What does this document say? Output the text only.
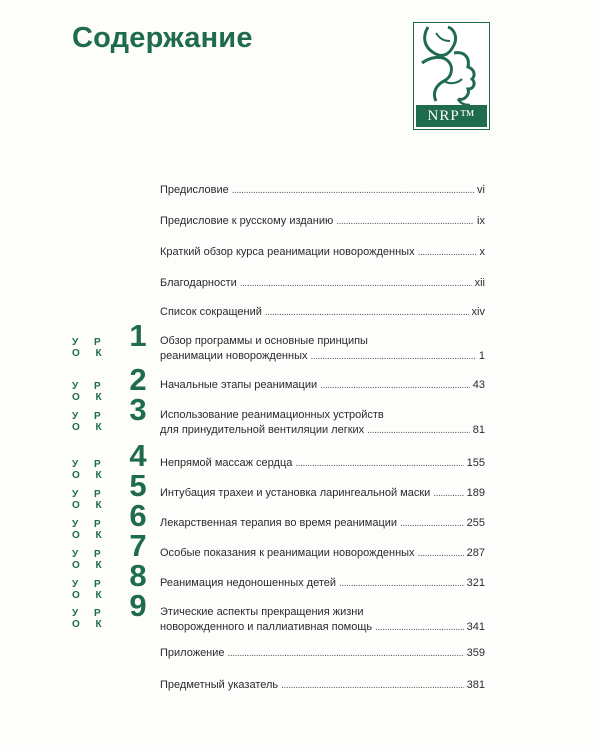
Содержание
NRP™
Предисловие . . .	vi
Предисловие к русскому изданию . . .	ix
Краткий обзор курса реанимации новорожденных . . .	x
Благодарности . . .	xii
Список сокращений . . .	xiv
У Р О К
1 Обзор программы и основные принципы
реанимации новорожденных . . .	1
У Р О К
2 Начальные этапы реанимации . . .	43
У Р О К
3 Использование реанимационных устройств
для принудительной вентиляции легких . . .	81
У Р О К
4 Непрямой массаж сердца . . .	155
У Р О К
5 Интубация трахеи и установка ларингеальной маски . . .	189
У Р О К
6 Лекарственная терапия во время реанимации . . .	255
У Р О К
7 Особые показания к реанимации новорожденных . . .	287
У Р О К
8 Реанимация недоношенных детей . . .	321
У Р О К
9 Этические аспекты прекращения жизни
новорожденного и паллиативная помощь . . .	341
Приложение . . .	359
Предметный указатель . . .	381
